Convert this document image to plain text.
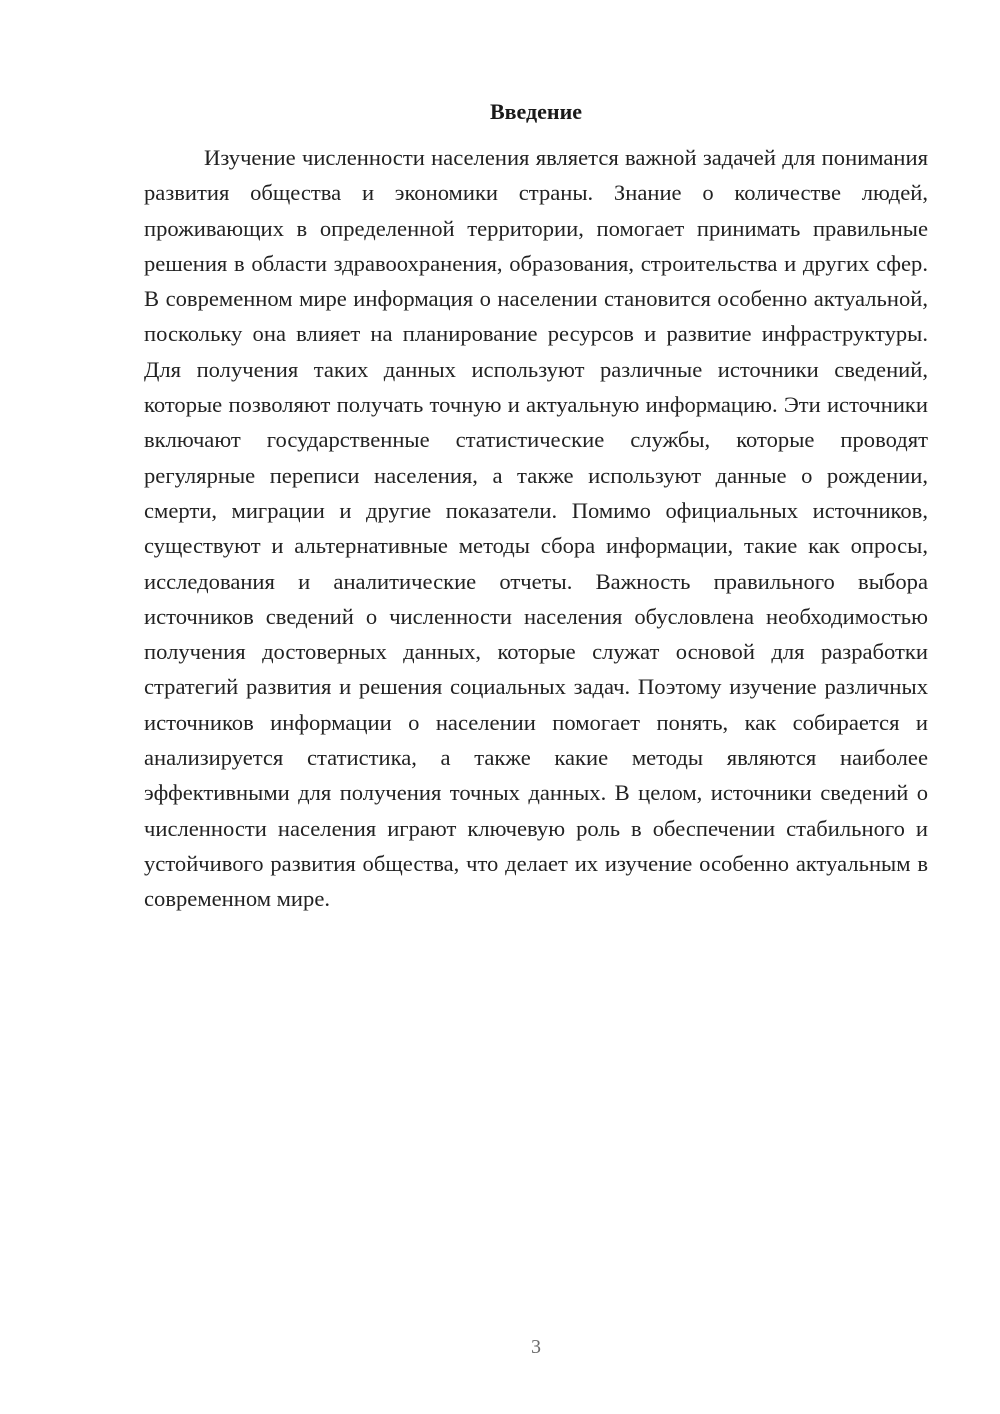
Введение

Изучение численности населения является важной задачей для понимания развития общества и экономики страны. Знание о количестве людей, проживающих в определенной территории, помогает принимать правильные решения в области здравоохранения, образования, строительства и других сфер. В современном мире информация о населении становится особенно актуальной, поскольку она влияет на планирование ресурсов и развитие инфраструктуры. Для получения таких данных используют различные источники сведений, которые позволяют получать точную и актуальную информацию. Эти источники включают государственные статистические службы, которые проводят регулярные переписи населения, а также используют данные о рождении, смерти, миграции и другие показатели. Помимо официальных источников, существуют и альтернативные методы сбора информации, такие как опросы, исследования и аналитические отчеты. Важность правильного выбора источников сведений о численности населения обусловлена необходимостью получения достоверных данных, которые служат основой для разработки стратегий развития и решения социальных задач. Поэтому изучение различных источников информации о населении помогает понять, как собирается и анализируется статистика, а также какие методы являются наиболее эффективными для получения точных данных. В целом, источники сведений о численности населения играют ключевую роль в обеспечении стабильного и устойчивого развития общества, что делает их изучение особенно актуальным в современном мире.

3
